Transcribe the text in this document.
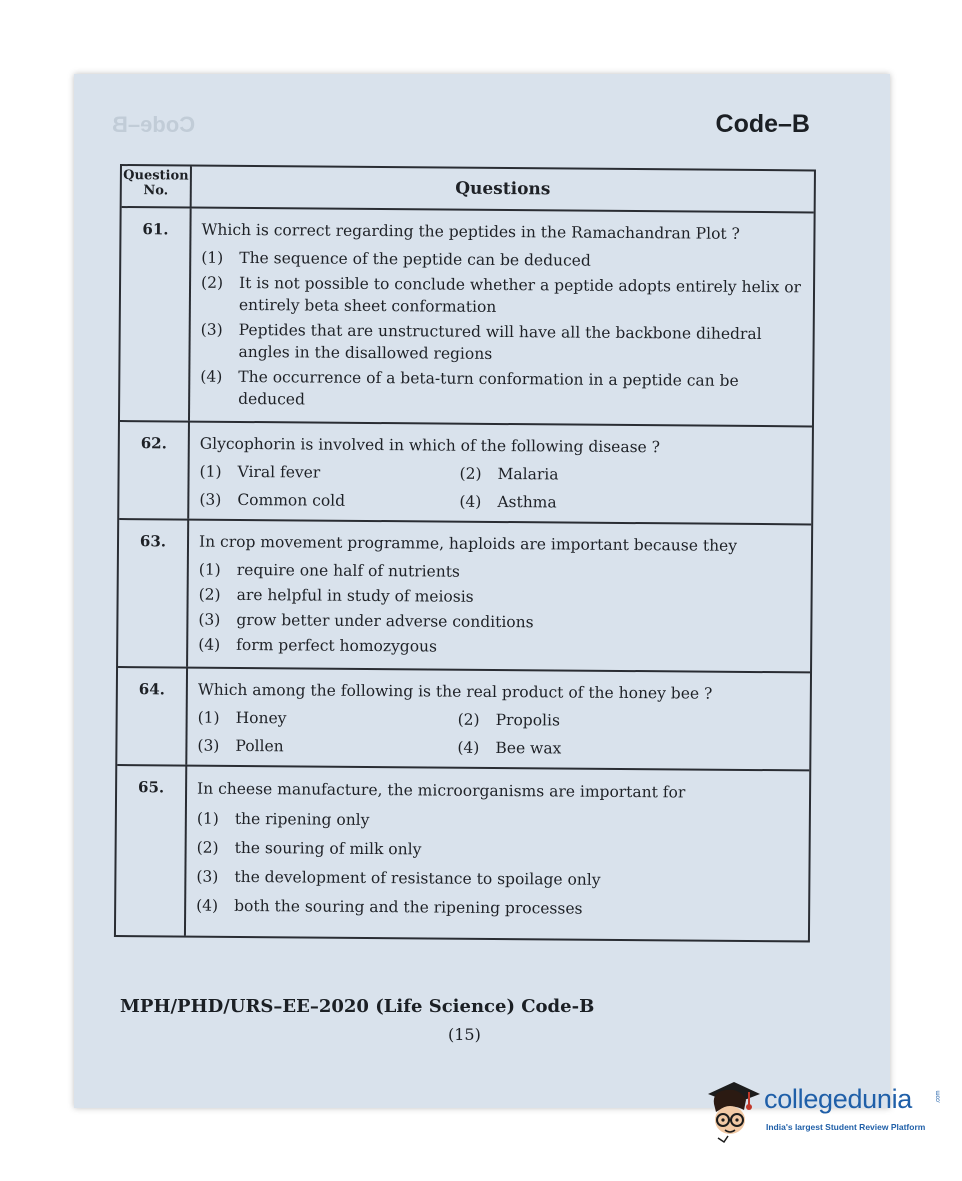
Code–B	Code–B
Question
No.	Questions
61.	Which is correct regarding the peptides in the Ramachandran Plot ?
(1)	The sequence of the peptide can be deduced
(2)	It is not possible to conclude whether a peptide adopts entirely helix or entirely beta sheet conformation
(3)	Peptides that are unstructured will have all the backbone dihedral angles in the disallowed regions
(4)	The occurrence of a beta-turn conformation in a peptide can be deduced
62.	Glycophorin is involved in which of the following disease ?
(1)	Viral fever	(2)	Malaria
(3)	Common cold	(4)	Asthma
63.	In crop movement programme, haploids are important because they
(1)	require one half of nutrients
(2)	are helpful in study of meiosis
(3)	grow better under adverse conditions
(4)	form perfect homozygous
64.	Which among the following is the real product of the honey bee ?
(1)	Honey	(2)	Propolis
(3)	Pollen	(4)	Bee wax
65.	In cheese manufacture, the microorganisms are important for
(1)	the ripening only
(2)	the souring of milk only
(3)	the development of resistance to spoilage only
(4)	both the souring and the ripening processes
MPH/PHD/URS–EE–2020 (Life Science) Code-B
(15)
collegedunia	.com
India's largest Student Review Platform
